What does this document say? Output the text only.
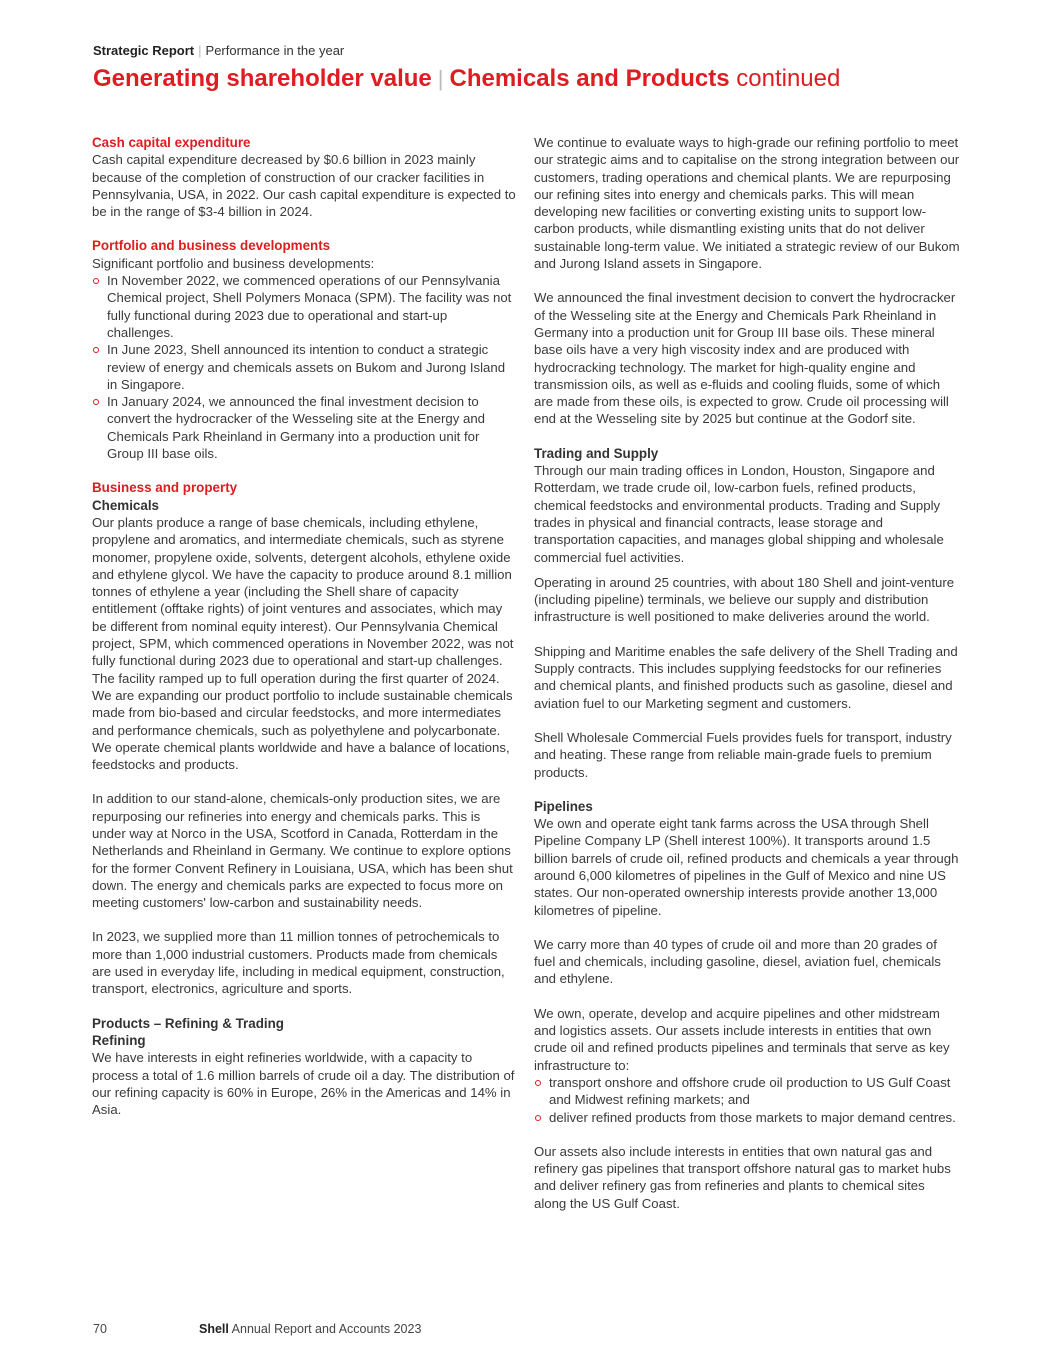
Strategic Report | Performance in the year
Generating shareholder value | Chemicals and Products continued
Cash capital expenditure

Cash capital expenditure decreased by $0.6 billion in 2023 mainly because of the completion of construction of our cracker facilities in Pennsylvania, USA, in 2022. Our cash capital expenditure is expected to be in the range of $3-4 billion in 2024.

Portfolio and business developments

Significant portfolio and business developments:

In November 2022, we commenced operations of our Pennsylvania Chemical project, Shell Polymers Monaca (SPM). The facility was not fully functional during 2023 due to operational and start-up challenges.
In June 2023, Shell announced its intention to conduct a strategic review of energy and chemicals assets on Bukom and Jurong Island in Singapore.
In January 2024, we announced the final investment decision to convert the hydrocracker of the Wesseling site at the Energy and Chemicals Park Rheinland in Germany into a production unit for Group III base oils.
Business and property
Chemicals

Our plants produce a range of base chemicals, including ethylene, propylene and aromatics, and intermediate chemicals, such as styrene monomer, propylene oxide, solvents, detergent alcohols, ethylene oxide and ethylene glycol. We have the capacity to produce around 8.1 million tonnes of ethylene a year (including the Shell share of capacity entitlement (offtake rights) of joint ventures and associates, which may be different from nominal equity interest). Our Pennsylvania Chemical project, SPM, which commenced operations in November 2022, was not fully functional during 2023 due to operational and start-up challenges. The facility ramped up to full operation during the first quarter of 2024. We are expanding our product portfolio to include sustainable chemicals made from bio-based and circular feedstocks, and more intermediates and performance chemicals, such as polyethylene and polycarbonate. We operate chemical plants worldwide and have a balance of locations, feedstocks and products.

In addition to our stand-alone, chemicals-only production sites, we are repurposing our refineries into energy and chemicals parks. This is under way at Norco in the USA, Scotford in Canada, Rotterdam in the Netherlands and Rheinland in Germany. We continue to explore options for the former Convent Refinery in Louisiana, USA, which has been shut down. The energy and chemicals parks are expected to focus more on meeting customers' low-carbon and sustainability needs.

In 2023, we supplied more than 11 million tonnes of petrochemicals to more than 1,000 industrial customers. Products made from chemicals are used in everyday life, including in medical equipment, construction, transport, electronics, agriculture and sports.

Products – Refining & Trading
Refining

We have interests in eight refineries worldwide, with a capacity to process a total of 1.6 million barrels of crude oil a day. The distribution of our refining capacity is 60% in Europe, 26% in the Americas and 14% in Asia.

We continue to evaluate ways to high-grade our refining portfolio to meet our strategic aims and to capitalise on the strong integration between our customers, trading operations and chemical plants. We are repurposing our refining sites into energy and chemicals parks. This will mean developing new facilities or converting existing units to support low-carbon products, while dismantling existing units that do not deliver sustainable long-term value. We initiated a strategic review of our Bukom and Jurong Island assets in Singapore.

We announced the final investment decision to convert the hydrocracker of the Wesseling site at the Energy and Chemicals Park Rheinland in Germany into a production unit for Group III base oils. These mineral base oils have a very high viscosity index and are produced with hydrocracking technology. The market for high-quality engine and transmission oils, as well as e-fluids and cooling fluids, some of which are made from these oils, is expected to grow. Crude oil processing will end at the Wesseling site by 2025 but continue at the Godorf site.

Trading and Supply

Through our main trading offices in London, Houston, Singapore and Rotterdam, we trade crude oil, low-carbon fuels, refined products, chemical feedstocks and environmental products. Trading and Supply trades in physical and financial contracts, lease storage and transportation capacities, and manages global shipping and wholesale commercial fuel activities.

Operating in around 25 countries, with about 180 Shell and joint-venture (including pipeline) terminals, we believe our supply and distribution infrastructure is well positioned to make deliveries around the world.

Shipping and Maritime enables the safe delivery of the Shell Trading and Supply contracts. This includes supplying feedstocks for our refineries and chemical plants, and finished products such as gasoline, diesel and aviation fuel to our Marketing segment and customers.

Shell Wholesale Commercial Fuels provides fuels for transport, industry and heating. These range from reliable main-grade fuels to premium products.

Pipelines

We own and operate eight tank farms across the USA through Shell Pipeline Company LP (Shell interest 100%). It transports around 1.5 billion barrels of crude oil, refined products and chemicals a year through around 6,000 kilometres of pipelines in the Gulf of Mexico and nine US states. Our non-operated ownership interests provide another 13,000 kilometres of pipeline.

We carry more than 40 types of crude oil and more than 20 grades of fuel and chemicals, including gasoline, diesel, aviation fuel, chemicals and ethylene.

We own, operate, develop and acquire pipelines and other midstream and logistics assets. Our assets include interests in entities that own crude oil and refined products pipelines and terminals that serve as key infrastructure to:

transport onshore and offshore crude oil production to US Gulf Coast and Midwest refining markets; and
deliver refined products from those markets to major demand centres.

Our assets also include interests in entities that own natural gas and refinery gas pipelines that transport offshore natural gas to market hubs and deliver refinery gas from refineries and plants to chemical sites along the US Gulf Coast.

70	Shell Annual Report and Accounts 2023
